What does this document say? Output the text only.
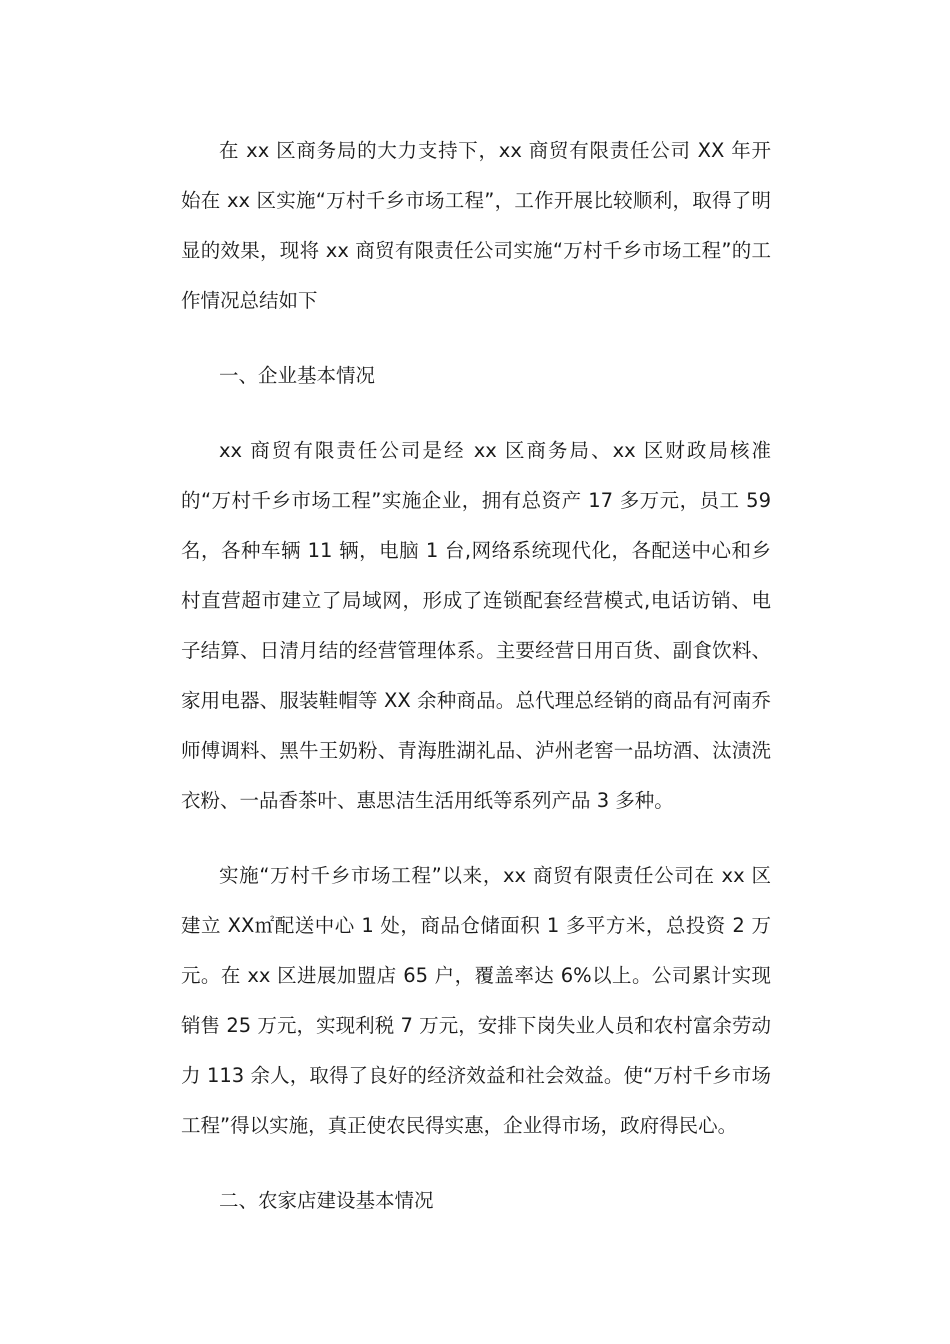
在 xx 区商务局的大力支持下，xx 商贸有限责任公司 XX 年开始在 xx 区实施“万村千乡市场工程”，工作开展比较顺利，取得了明显的效果，现将 xx 商贸有限责任公司实施“万村千乡市场工程”的工作情况总结如下

一、企业基本情况

xx 商贸有限责任公司是经 xx 区商务局、xx 区财政局核准的“万村千乡市场工程”实施企业，拥有总资产 17 多万元，员工 59 名，各种车辆 11 辆，电脑 1 台,网络系统现代化，各配送中心和乡村直营超市建立了局域网，形成了连锁配套经营模式,电话访销、电子结算、日清月结的经营管理体系。主要经营日用百货、副食饮料、家用电器、服装鞋帽等 XX 余种商品。总代理总经销的商品有河南乔师傅调料、黑牛王奶粉、青海胜湖礼品、泸州老窖一品坊酒、汰渍洗衣粉、一品香茶叶、惠思洁生活用纸等系列产品 3 多种。

实施“万村千乡市场工程”以来，xx 商贸有限责任公司在 xx 区建立 XX㎡配送中心 1 处，商品仓储面积 1 多平方米，总投资 2 万元。在 xx 区进展加盟店 65 户，覆盖率达 6%以上。公司累计实现销售 25 万元，实现利税 7 万元，安排下岗失业人员和农村富余劳动力 113 余人，取得了良好的经济效益和社会效益。使“万村千乡市场工程”得以实施，真正使农民得实惠，企业得市场，政府得民心。

二、农家店建设基本情况
